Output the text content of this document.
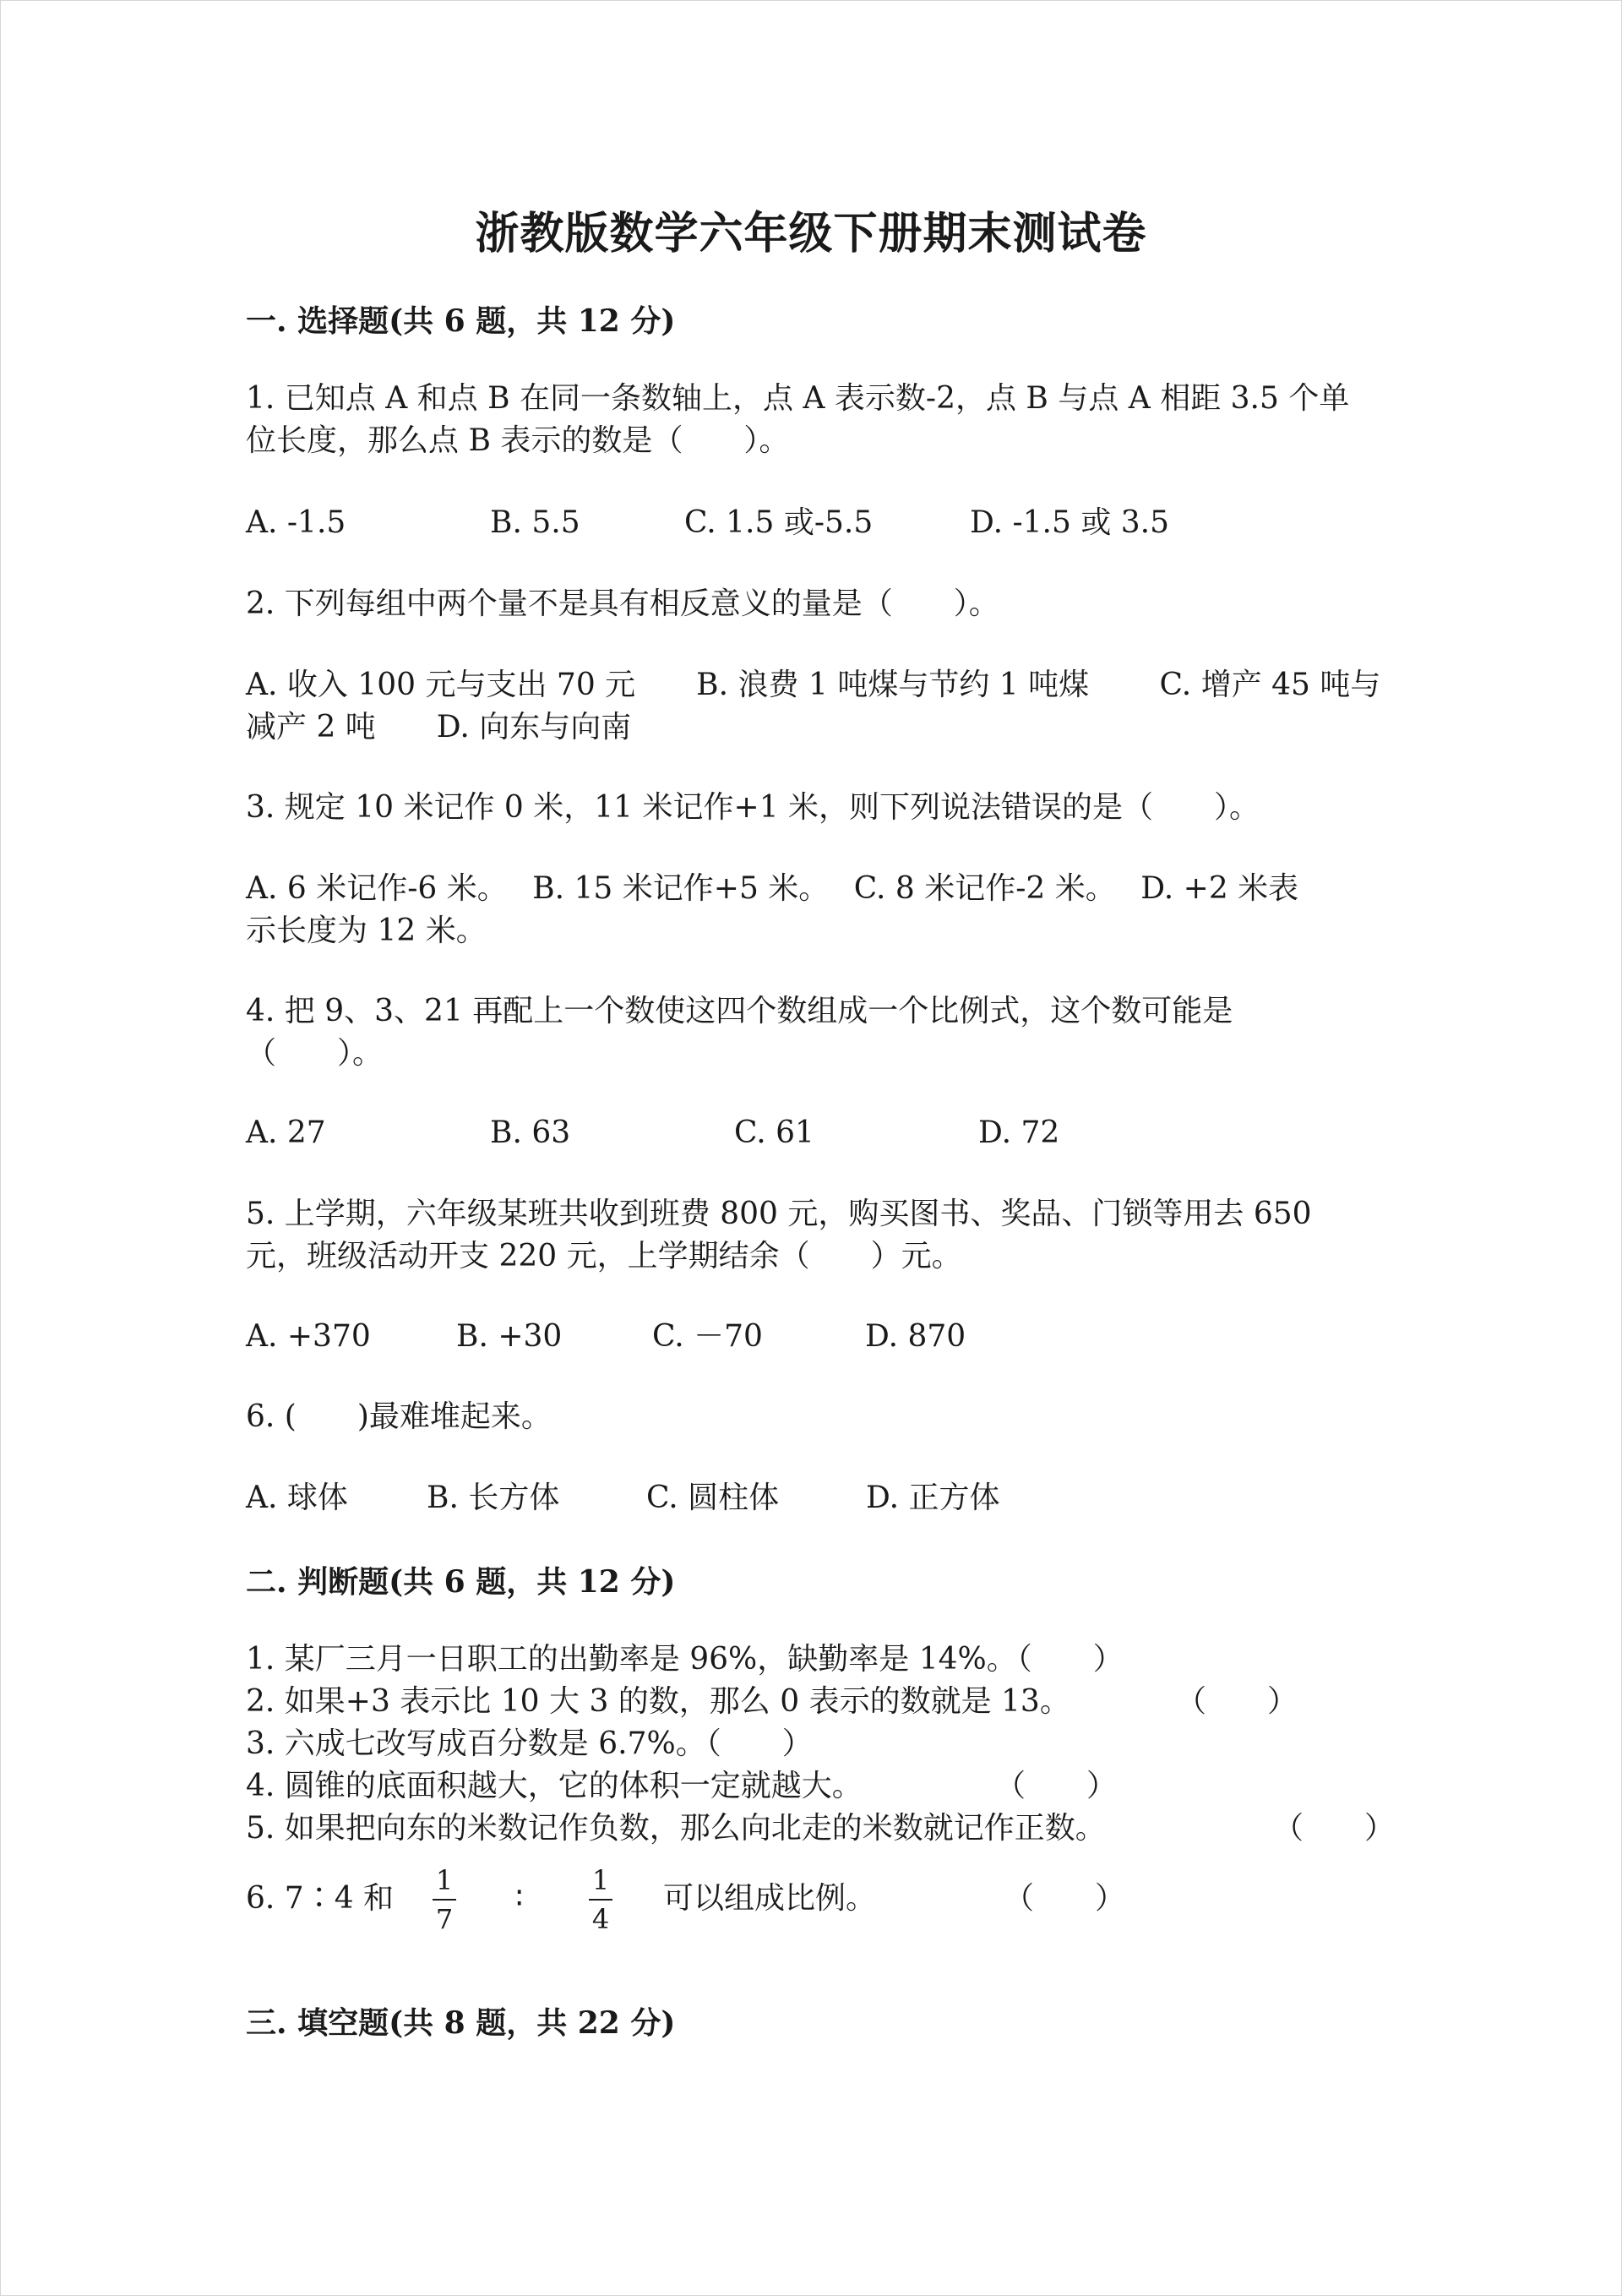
浙教版数学六年级下册期末测试卷
一. 选择题(共 6 题，共 12 分)
1. 已知点 A 和点 B 在同一条数轴上，点 A 表示数-2，点 B 与点 A 相距 3.5 个单
位长度，那么点 B 表示的数是（　　）。
A. -1.5	B. 5.5	C. 1.5 或-5.5	D. -1.5 或 3.5
2. 下列每组中两个量不是具有相反意义的量是（　　）。
A. 收入 100 元与支出 70 元　　B. 浪费 1 吨煤与节约 1 吨煤　　 C. 增产 45 吨与
减产 2 吨　　D. 向东与向南
3. 规定 10 米记作 0 米，11 米记作+1 米，则下列说法错误的是（　　）。
A. 6 米记作-6 米。　 B. 15 米记作+5 米。　 C. 8 米记作-2 米。　 D. +2 米表
示长度为 12 米。
4. 把 9、3、21 再配上一个数使这四个数组成一个比例式，这个数可能是
（　　）。
A. 27	B. 63	C. 61	D. 72
5. 上学期，六年级某班共收到班费 800 元，购买图书、奖品、门锁等用去 650
元，班级活动开支 220 元，上学期结余（　　）元。
A. +370	B. +30	C. －70	D. 870
6. (　　)最难堆起来。
A. 球体	B. 长方体	C. 圆柱体	D. 正方体
二. 判断题(共 6 题，共 12 分)
1. 某厂三月一日职工的出勤率是 96%，缺勤率是 14%。（　　）
2. 如果+3 表示比 10 大 3 的数，那么 0 表示的数就是 13。	（　　）
3. 六成七改写成百分数是 6.7%。（　　）
4. 圆锥的底面积越大，它的体积一定就越大。	（　　）
5. 如果把向东的米数记作负数，那么向北走的米数就记作正数。	（　　）
6. 7∶4 和
1
7
∶
1
4
可以组成比例。	（　　）
三. 填空题(共 8 题，共 22 分)
